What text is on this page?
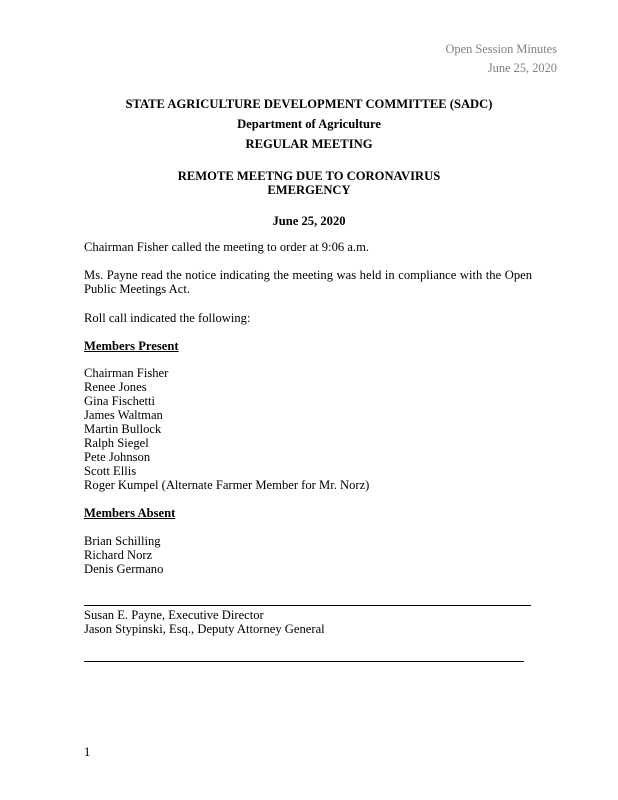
Open Session Minutes
June 25, 2020
STATE AGRICULTURE DEVELOPMENT COMMITTEE (SADC)
Department of Agriculture
REGULAR MEETING
REMOTE MEETNG DUE TO CORONAVIRUS
EMERGENCY
June 25, 2020

Chairman Fisher called the meeting to order at 9:06 a.m.

Ms. Payne read the notice indicating the meeting was held in compliance with the Open Public Meetings Act.

Roll call indicated the following:

Members Present

Chairman Fisher
Renee Jones
Gina Fischetti
James Waltman
Martin Bullock
Ralph Siegel
Pete Johnson
Scott Ellis
Roger Kumpel (Alternate Farmer Member for Mr. Norz)

Members Absent

Brian Schilling
Richard Norz
Denis Germano
Susan E. Payne, Executive Director
Jason Stypinski, Esq., Deputy Attorney General
1
